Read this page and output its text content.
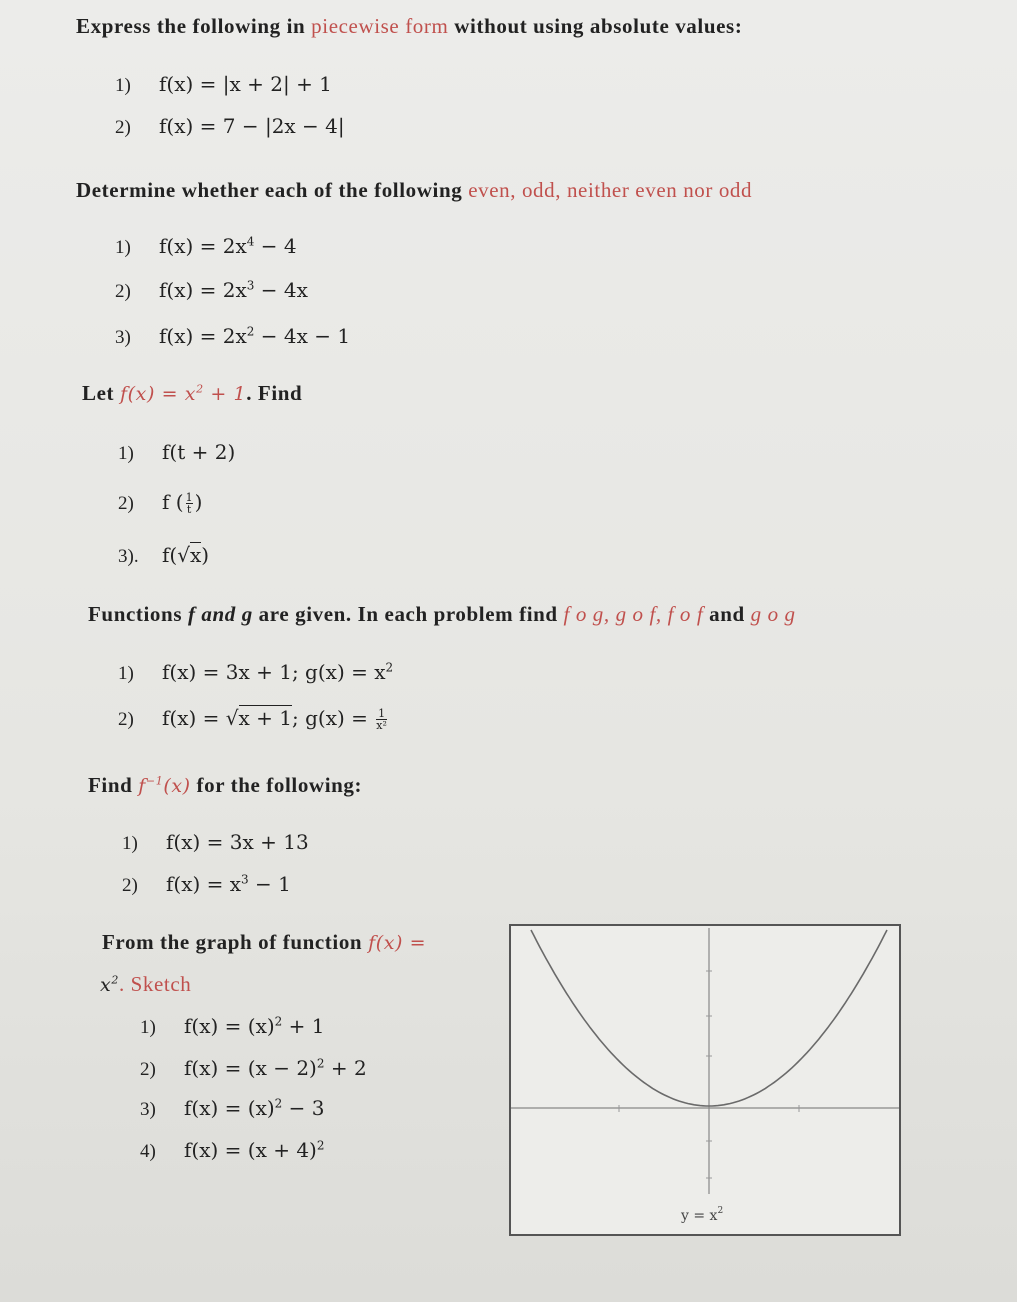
Express the following in piecewise form without using absolute values:
1)	f(x) = |x + 2| + 1
2)	f(x) = 7 − |2x − 4|
Determine whether each of the following even, odd, neither even nor odd
1)	$f(x) = 2x^4 - 4$
2)	$f(x) = 2x^3 - 4x$
3)	$f(x) = 2x^2 - 4x - 1$
Let $f(x) = x^2 + 1$. Find
1)	f(t + 2)
2)	f ( $\frac{1}{t}$ )
3). f(√x)
Functions f and g are given. In each problem find f o g, g o f, f o f and g o g
1)	f(x) = 3x + 1; $g(x) = x^2$
2)	f(x) = √x + 1; $g(x) = \frac{1}{\text{x²}}$
Find $f^{-1}(x)$ for the following:
1)	f(x) = 3x + 13
2)	$f(x) = x^3 - 1$
From the graph of function f(x) =
$x^2$. Sketch
1)	$f(x) = (x)^2 + 1$
2)	$f(x) = (x - 2)^2 + 2$
3)	$f(x) = (x)^2 - 3$
4)	$f(x) = (x + 4)^2$
$y = x^2$
